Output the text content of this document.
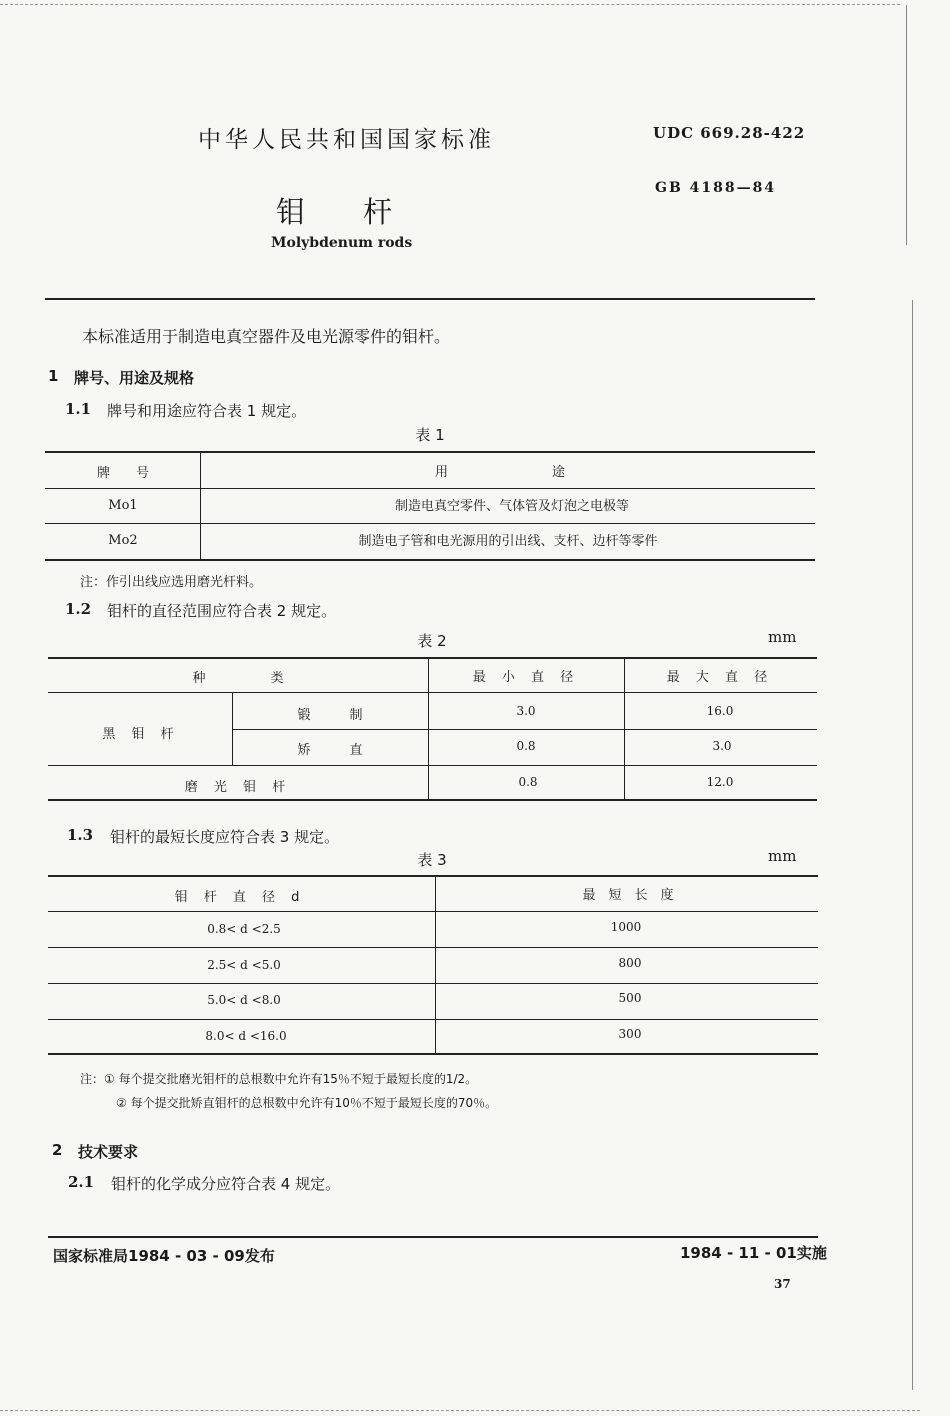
中华人民共和国国家标准	UDC 669.28-422
GB 4188—84
钼　　杆
Molybdenum rods
本标准适用于制造电真空器件及电光源零件的钼杆。
1 牌号、用途及规格
1.1 牌号和用途应符合表 1 规定。
表 1
牌　　号	用　　　　　　　　途
Mo1	制造电真空零件、气体管及灯泡之电极等
Mo2	制造电子管和电光源用的引出线、支杆、边杆等零件
注：作引出线应选用磨光杆料。
1.2 钼杆的直径范围应符合表 2 规定。
表 2	mm
种　　　　　类	最 小 直 径	最 大 直 径
黑 钼 杆
锻　　　制	3.0	16.0
矫　　　直	0.8	3.0
磨 光 钼 杆	0.8	12.0
1.3 钼杆的最短长度应符合表 3 规定。
表 3	mm
钼 杆 直 径 d	最　短　长　度
0.8< d <2.5	1000
2.5< d <5.0	800
5.0< d <8.0	500
8.0< d <16.0	300
注：① 每个提交批磨光钼杆的总根数中允许有15％不短于最短长度的1/2。
② 每个提交批矫直钼杆的总根数中允许有10％不短于最短长度的70％。
2 技术要求
2.1 钼杆的化学成分应符合表 4 规定。
国家标准局1984 - 03 - 09发布	1984 - 11 - 01实施
37
